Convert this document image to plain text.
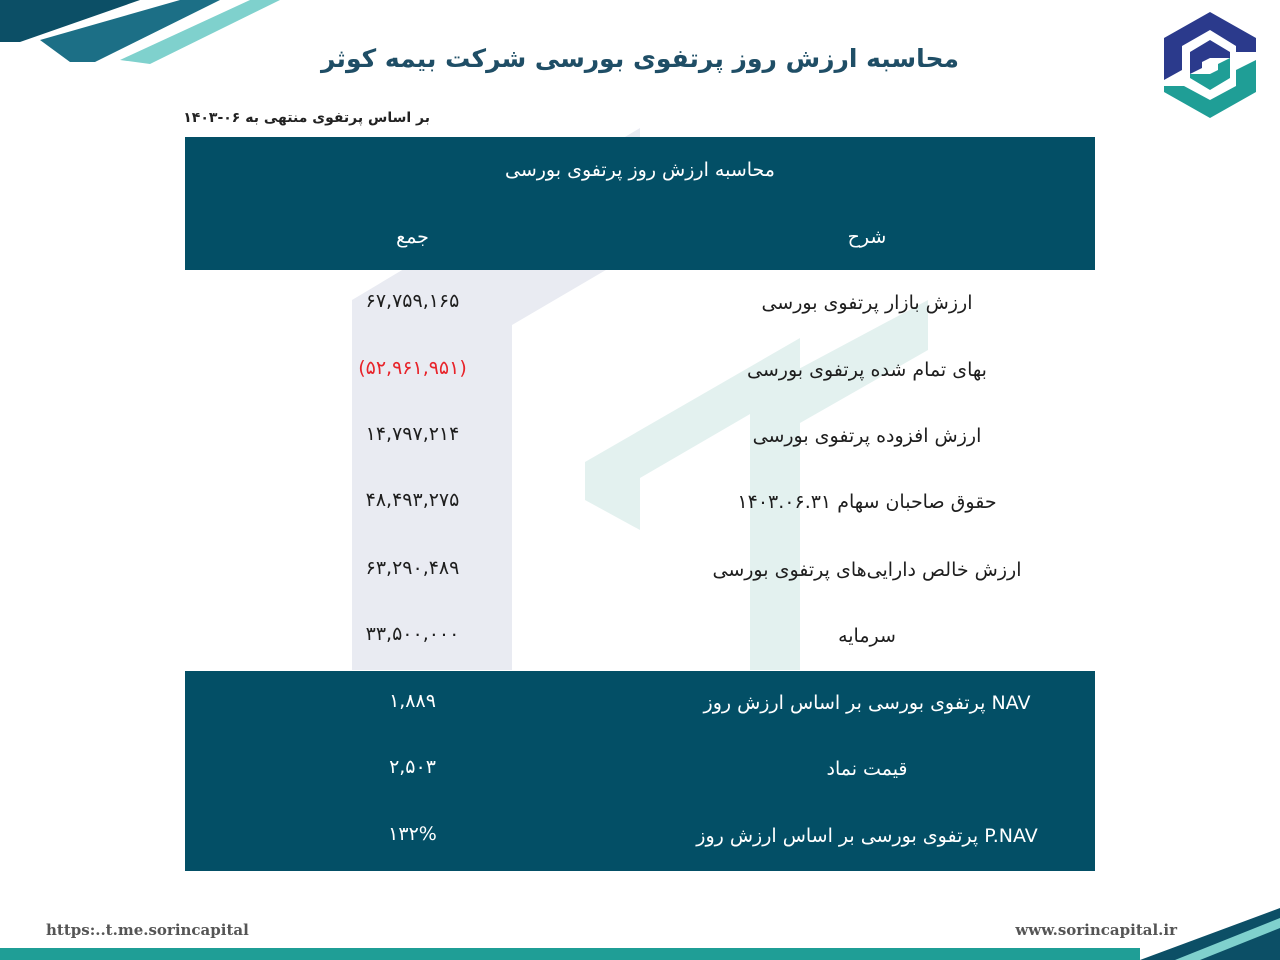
محاسبه ارزش روز پرتفوی بورسی شرکت بیمه کوثر
بر اساس پرتفوی منتهی به ۰۶-۱۴۰۳
محاسبه ارزش روز پرتفوی بورسی
شرح
جمع
ارزش بازار پرتفوی بورسی
۶۷,۷۵۹,۱۶۵
بهای تمام شده پرتفوی بورسی
(۵۲,۹۶۱,۹۵۱)
ارزش افزوده پرتفوی بورسی
۱۴,۷۹۷,۲۱۴
حقوق صاحبان سهام ۱۴۰۳.۰۶.۳۱
۴۸,۴۹۳,۲۷۵
ارزش خالص دارایی‌های پرتفوی بورسی
۶۳,۲۹۰,۴۸۹
سرمایه
۳۳,۵۰۰,۰۰۰
NAV پرتفوی بورسی بر اساس ارزش روز
۱,۸۸۹
قیمت نماد
۲,۵۰۳
P.NAV پرتفوی بورسی بر اساس ارزش روز
۱۳۲%
https:..t.me.sorincapital	www.sorincapital.ir
